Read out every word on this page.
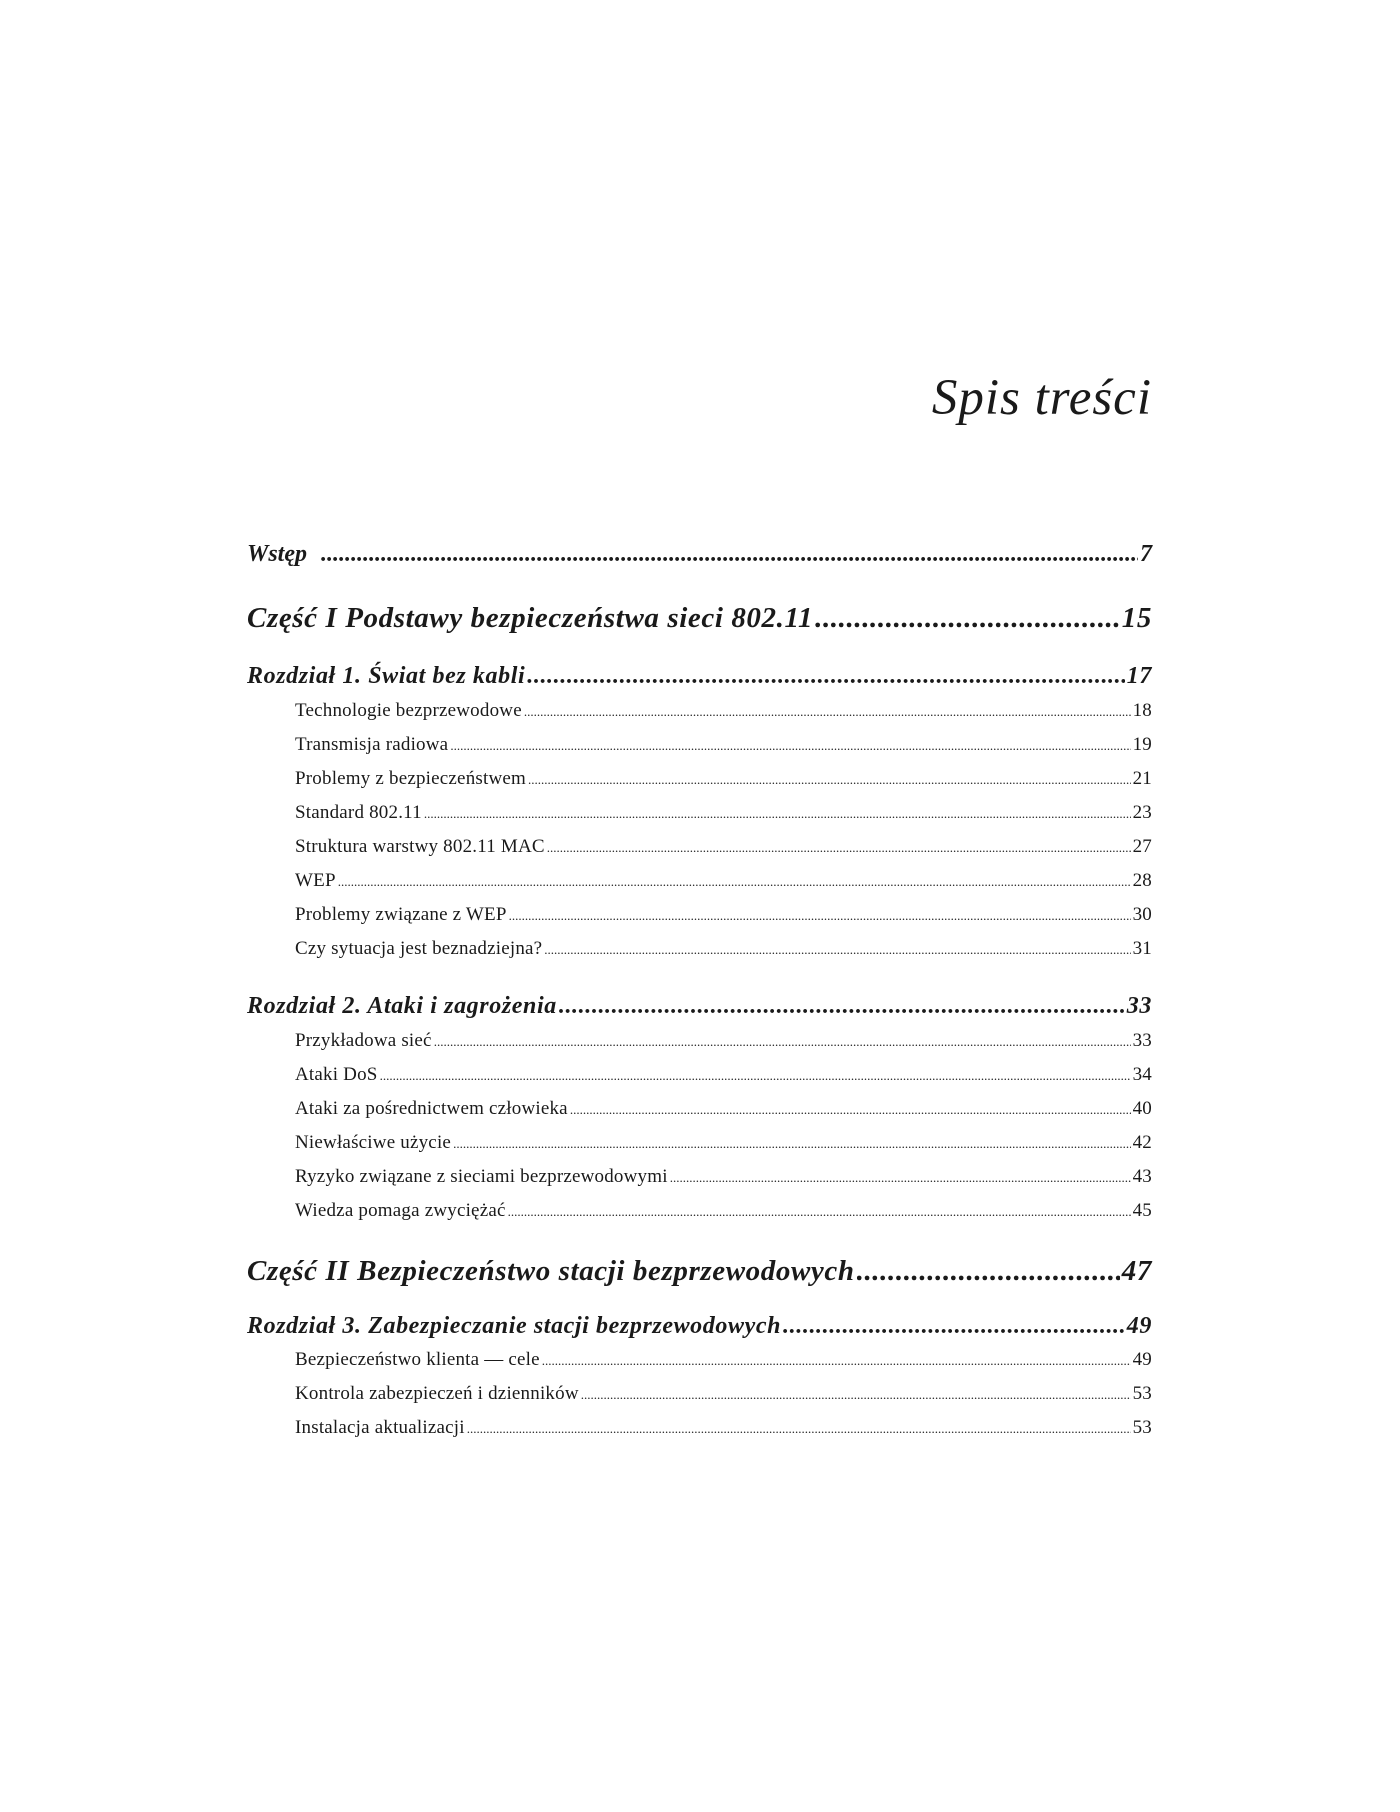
Spis treści
Wstęp .....	7
Część I Podstawy bezpieczeństwa sieci 802.11 .....	15
Rozdział 1. Świat bez kabli .....	17
Technologie bezprzewodowe .....	18
Transmisja radiowa .....	19
Problemy z bezpieczeństwem .....	21
Standard 802.11 .....	23
Struktura warstwy 802.11 MAC .....	27
WEP .....	28
Problemy związane z WEP .....	30
Czy sytuacja jest beznadziejna? .....	31
Rozdział 2. Ataki i zagrożenia .....	33
Przykładowa sieć .....	33
Ataki DoS .....	34
Ataki za pośrednictwem człowieka .....	40
Niewłaściwe użycie .....	42
Ryzyko związane z sieciami bezprzewodowymi .....	43
Wiedza pomaga zwyciężać .....	45
Część II Bezpieczeństwo stacji bezprzewodowych .....	47
Rozdział 3. Zabezpieczanie stacji bezprzewodowych .....	49
Bezpieczeństwo klienta — cele .....	49
Kontrola zabezpieczeń i dzienników .....	53
Instalacja aktualizacji .....	53
